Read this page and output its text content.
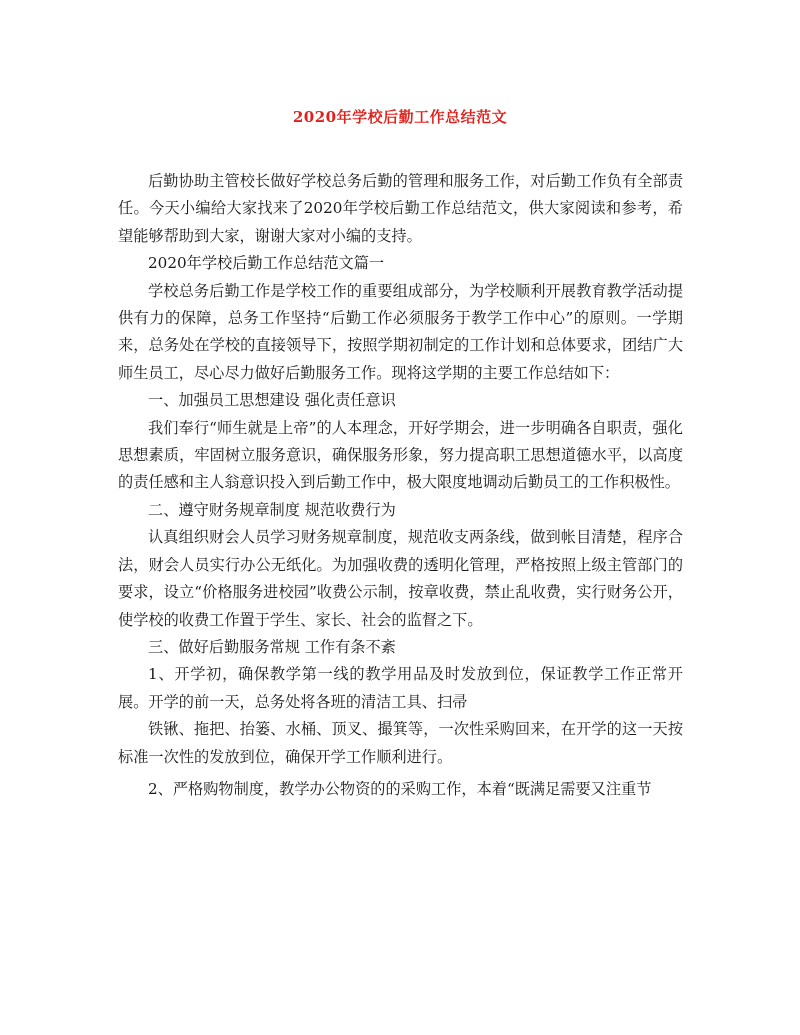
2020年学校后勤工作总结范文

后勤协助主管校长做好学校总务后勤的管理和服务工作，对后勤工作负有全部责任。今天小编给大家找来了2020年学校后勤工作总结范文，供大家阅读和参考，希望能够帮助到大家，谢谢大家对小编的支持。

2020年学校后勤工作总结范文篇一

学校总务后勤工作是学校工作的重要组成部分，为学校顺利开展教育教学活动提供有力的保障，总务工作坚持“后勤工作必须服务于教学工作中心”的原则。一学期来，总务处在学校的直接领导下，按照学期初制定的工作计划和总体要求，团结广大师生员工，尽心尽力做好后勤服务工作。现将这学期的主要工作总结如下：

一、加强员工思想建设 强化责任意识

我们奉行“师生就是上帝”的人本理念，开好学期会，进一步明确各自职责，强化思想素质，牢固树立服务意识，确保服务形象，努力提高职工思想道德水平，以高度的责任感和主人翁意识投入到后勤工作中，极大限度地调动后勤员工的工作积极性。

二、遵守财务规章制度 规范收费行为

认真组织财会人员学习财务规章制度，规范收支两条线，做到帐目清楚，程序合法，财会人员实行办公无纸化。为加强收费的透明化管理，严格按照上级主管部门的要求，设立“价格服务进校园”收费公示制，按章收费，禁止乱收费，实行财务公开，使学校的收费工作置于学生、家长、社会的监督之下。

三、做好后勤服务常规 工作有条不紊

1、开学初，确保教学第一线的教学用品及时发放到位，保证教学工作正常开展。开学的前一天，总务处将各班的清洁工具、扫帚

铁锹、拖把、抬篓、水桶、顶叉、撮箕等，一次性采购回来，在开学的这一天按标准一次性的发放到位，确保开学工作顺利进行。

2、严格购物制度，教学办公物资的的采购工作，本着“既满足需要又注重节
